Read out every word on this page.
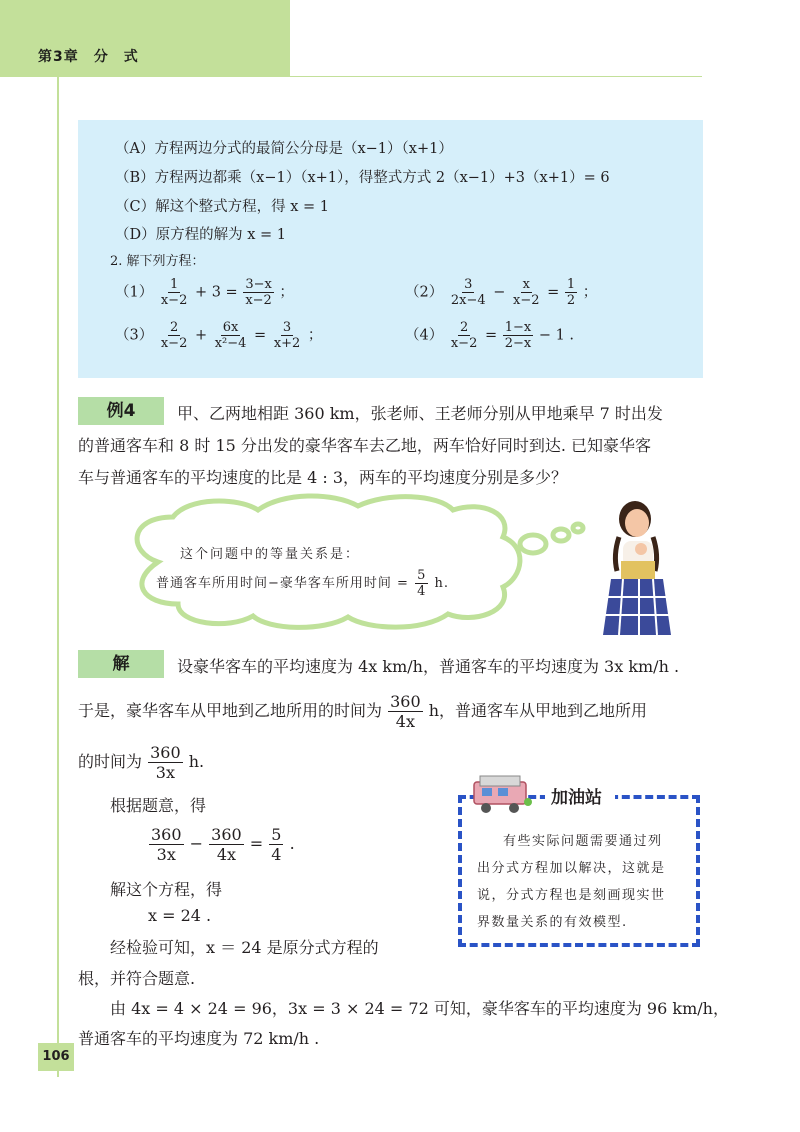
第3章　分　式
（A）方程两边分式的最简公分母是（x−1）（x+1）
（B）方程两边都乘（x−1）（x+1），得整式方式 2（x−1）+3（x+1）= 6
（C）解这个整式方程，得 x = 1
（D）原方程的解为 x = 1
2. 解下列方程：
$(1) \frac{1}{x-2} + 3 = \frac{3-x}{x-2}$ ；	$(2) \frac{3}{2x-4} - \frac{x}{x-2} = \frac{1}{2}$ ；
$(3) \frac{2}{x-2} + \frac{6x}{\text{x²−4}} = \frac{3}{x+2}$ ；	$(4) \frac{2}{x-2} = \frac{1-x}{2-x} - 1$ .
例4	甲、乙两地相距 360 km，张老师、王老师分别从甲地乘早 7 时出发
的普通客车和 8 时 15 分出发的豪华客车去乙地，两车恰好同时到达. 已知豪华客
车与普通客车的平均速度的比是 4 : 3，两车的平均速度分别是多少？
这个问题中的等量关系是：
普通客车所用时间−豪华客车所用时间 = $\frac{5}{4} h$.
解	设豪华客车的平均速度为 4x km/h，普通客车的平均速度为 3x km/h .
于是，豪华客车从甲地到乙地所用的时间为 $\frac{360}{4x}$ h，普通客车从甲地到乙地所用
的时间为 $\frac{360}{3x} h$.
根据题意，得
$\frac{360}{3x} - \frac{360}{4x} = \frac{5}{4}$ .
解这个方程，得
x = 24 .
经检验可知，x ＝ 24 是原分式方程的
根，并符合题意.
由 4x = 4 × 24 = 96，3x = 3 × 24 = 72 可知，豪华客车的平均速度为 96 km/h，
普通客车的平均速度为 72 km/h .
加油站
有些实际问题需要通过列
出分式方程加以解决，这就是
说，分式方程也是刻画现实世
界数量关系的有效模型.
106
